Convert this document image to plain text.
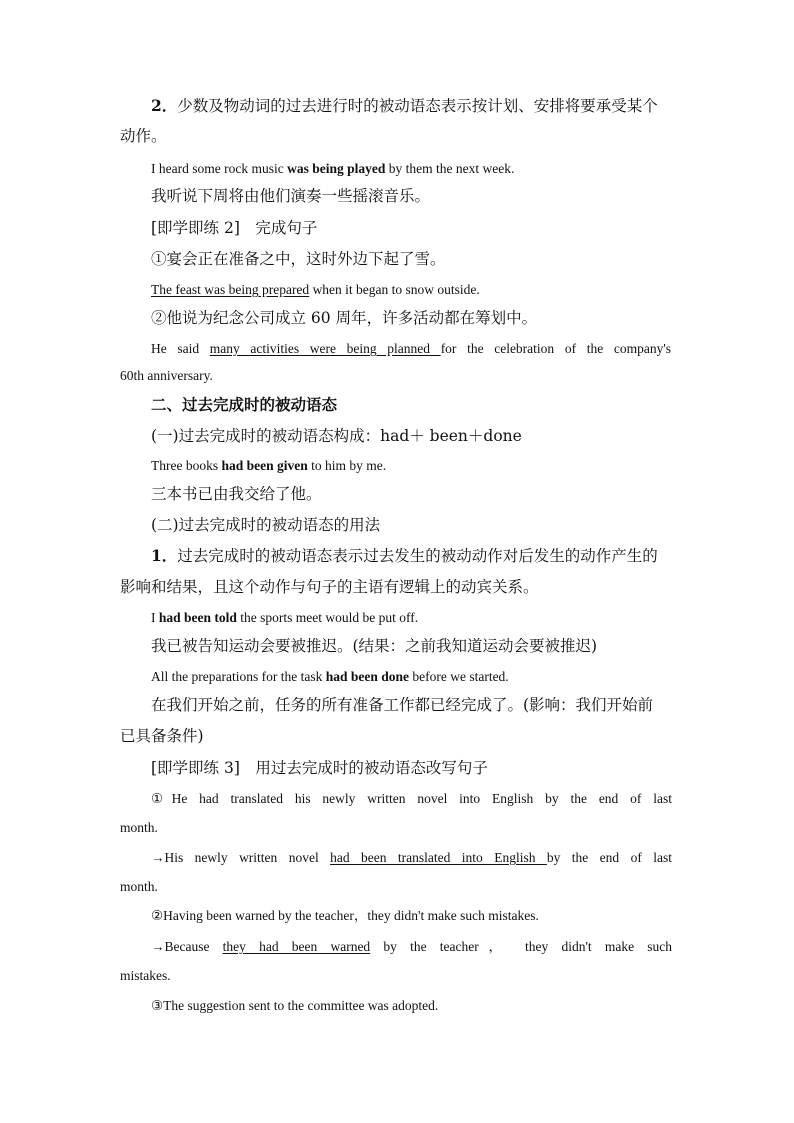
2．少数及物动词的过去进行时的被动语态表示按计划、安排将要承受某个
动作。
I heard some rock music was being played by them the next week.
我听说下周将由他们演奏一些摇滚音乐。
[即学即练 2]　完成句子
①宴会正在准备之中，这时外边下起了雪。
The feast was being prepared when it began to snow outside.
②他说为纪念公司成立 60 周年，许多活动都在筹划中。
He said many activities were being planned for the celebration of the company's
60th anniversary.
二、过去完成时的被动语态
(一)过去完成时的被动语态构成：had＋ been＋done
Three books had been given to him by me.
三本书已由我交给了他。
(二)过去完成时的被动语态的用法
1．过去完成时的被动语态表示过去发生的被动动作对后发生的动作产生的
影响和结果，且这个动作与句子的主语有逻辑上的动宾关系。
I had been told the sports meet would be put off.
我已被告知运动会要被推迟。(结果：之前我知道运动会要被推迟)
All the preparations for the task had been done before we started.
在我们开始之前，任务的所有准备工作都已经完成了。(影响：我们开始前
已具备条件)
[即学即练 3]　用过去完成时的被动语态改写句子
①He had translated his newly written novel into English by the end of last
month.
→His newly written novel had been translated into English by the end of last
month.
②Having been warned by the teacher，they didn't make such mistakes.
→Because they had been warned by the teacher， they didn't make such
mistakes.
③The suggestion sent to the committee was adopted.
